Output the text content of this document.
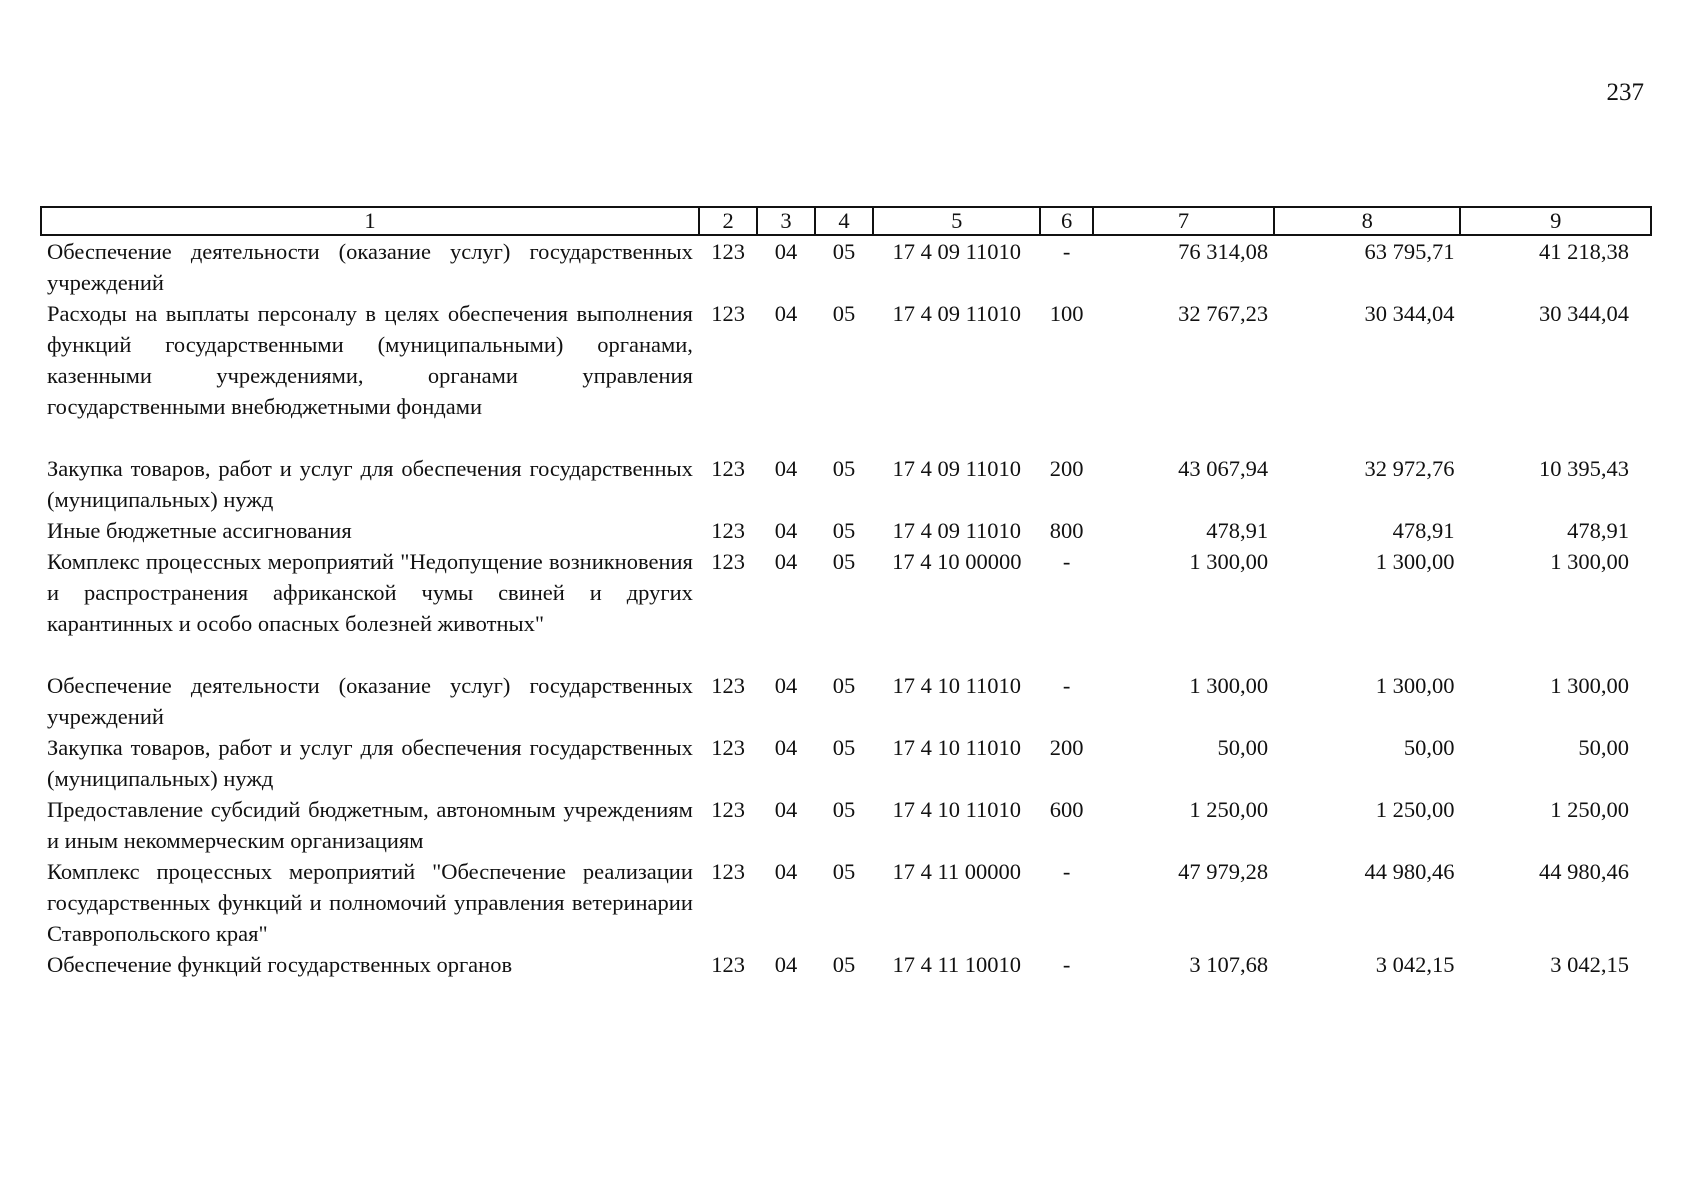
237
1	2	3	4	5	6	7	8	9
Обеспечение деятельности (оказание услуг) государственных учреждений	123	04	05	17 4 09 11010	-	76 314,08	63 795,71	41 218,38
Расходы на выплаты персоналу в целях обеспечения выполнения функций государственными (муниципальными) органами, казенными учреждениями, органами управления государственными внебюджетными фондами	123	04	05	17 4 09 11010	100	32 767,23	30 344,04	30 344,04
Закупка товаров, работ и услуг для обеспечения государственных (муниципальных) нужд	123	04	05	17 4 09 11010	200	43 067,94	32 972,76	10 395,43
Иные бюджетные ассигнования	123	04	05	17 4 09 11010	800	478,91	478,91	478,91
Комплекс процессных мероприятий "Недопущение возникновения и распространения африканской чумы свиней и других карантинных и особо опасных болезней животных"	123	04	05	17 4 10 00000	-	1 300,00	1 300,00	1 300,00
Обеспечение деятельности (оказание услуг) государственных учреждений	123	04	05	17 4 10 11010	-	1 300,00	1 300,00	1 300,00
Закупка товаров, работ и услуг для обеспечения государственных (муниципальных) нужд	123	04	05	17 4 10 11010	200	50,00	50,00	50,00
Предоставление субсидий бюджетным, автономным учреждениям и иным некоммерческим организациям	123	04	05	17 4 10 11010	600	1 250,00	1 250,00	1 250,00
Комплекс процессных мероприятий "Обеспечение реализации государственных функций и полномочий управления ветеринарии Ставропольского края"	123	04	05	17 4 11 00000	-	47 979,28	44 980,46	44 980,46
Обеспечение функций государственных органов	123	04	05	17 4 11 10010	-	3 107,68	3 042,15	3 042,15
